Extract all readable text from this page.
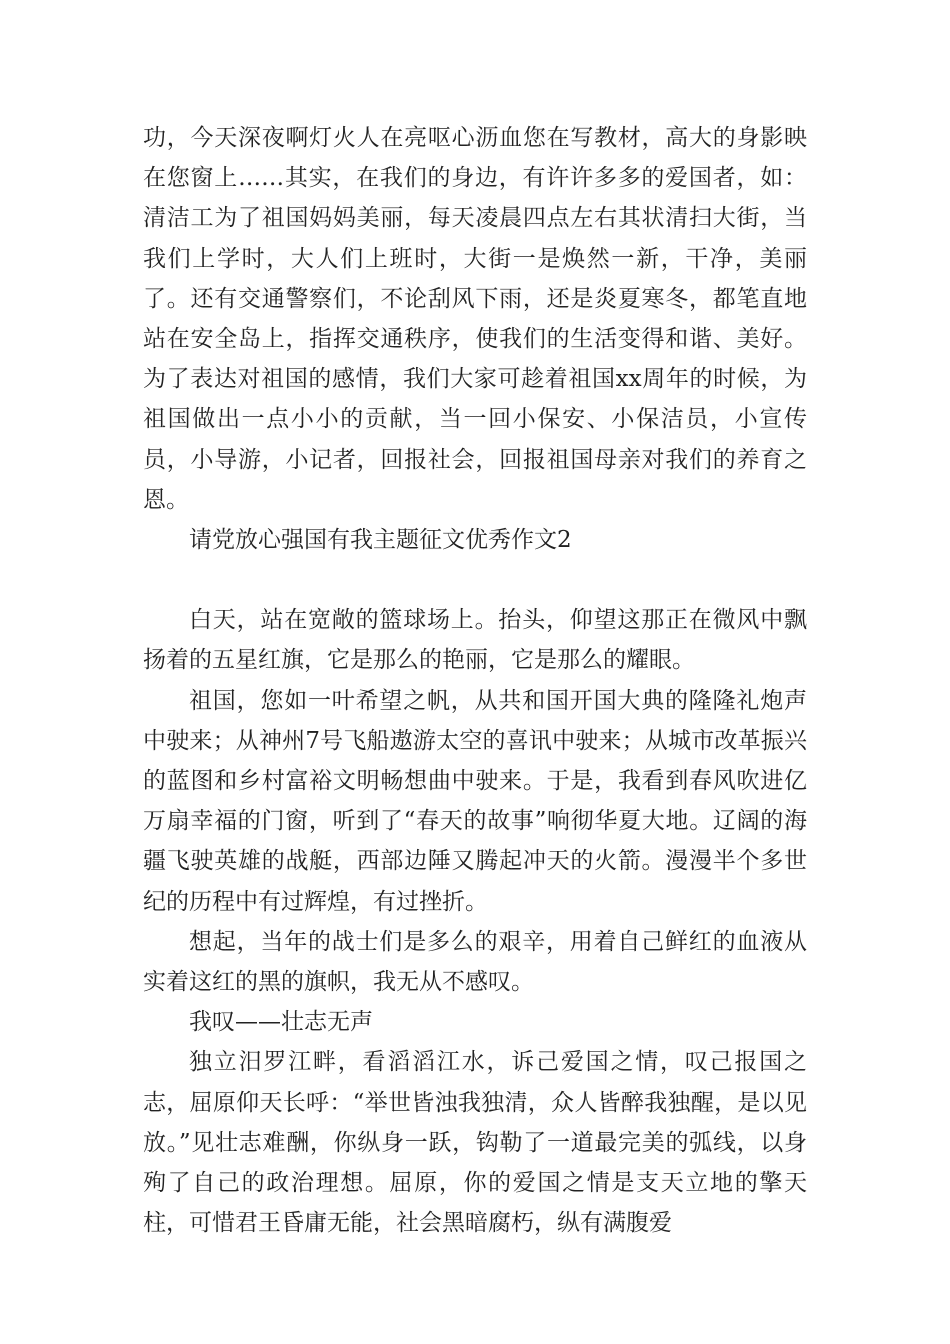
功，今天深夜啊灯火人在亮呕心沥血您在写教材，高大的身影映在您窗上……其实，在我们的身边，有许许多多的爱国者，如：清洁工为了祖国妈妈美丽，每天凌晨四点左右其状清扫大街，当我们上学时，大人们上班时，大街一是焕然一新，干净，美丽了。还有交通警察们，不论刮风下雨，还是炎夏寒冬，都笔直地站在安全岛上，指挥交通秩序，使我们的生活变得和谐、美好。为了表达对祖国的感情，我们大家可趁着祖国xx周年的时候，为祖国做出一点小小的贡献，当一回小保安、小保洁员，小宣传员，小导游，小记者，回报社会，回报祖国母亲对我们的养育之恩。

请党放心强国有我主题征文优秀作文2

白天，站在宽敞的篮球场上。抬头，仰望这那正在微风中飘扬着的五星红旗，它是那么的艳丽，它是那么的耀眼。

祖国，您如一叶希望之帆，从共和国开国大典的隆隆礼炮声中驶来；从神州7号飞船遨游太空的喜讯中驶来；从城市改革振兴的蓝图和乡村富裕文明畅想曲中驶来。于是，我看到春风吹进亿万扇幸福的门窗，听到了“春天的故事”响彻华夏大地。辽阔的海疆飞驶英雄的战艇，西部边陲又腾起冲天的火箭。漫漫半个多世纪的历程中有过辉煌，有过挫折。

想起，当年的战士们是多么的艰辛，用着自己鲜红的血液从实着这红的黑的旗帜，我无从不感叹。

我叹——壮志无声

独立汨罗江畔，看滔滔江水，诉己爱国之情，叹己报国之志，屈原仰天长呼：“举世皆浊我独清，众人皆醉我独醒，是以见放。”见壮志难酬，你纵身一跃，钩勒了一道最完美的弧线，以身殉了自己的政治理想。屈原，你的爱国之情是支天立地的擎天柱，可惜君王昏庸无能，社会黑暗腐朽，纵有满腹爱
